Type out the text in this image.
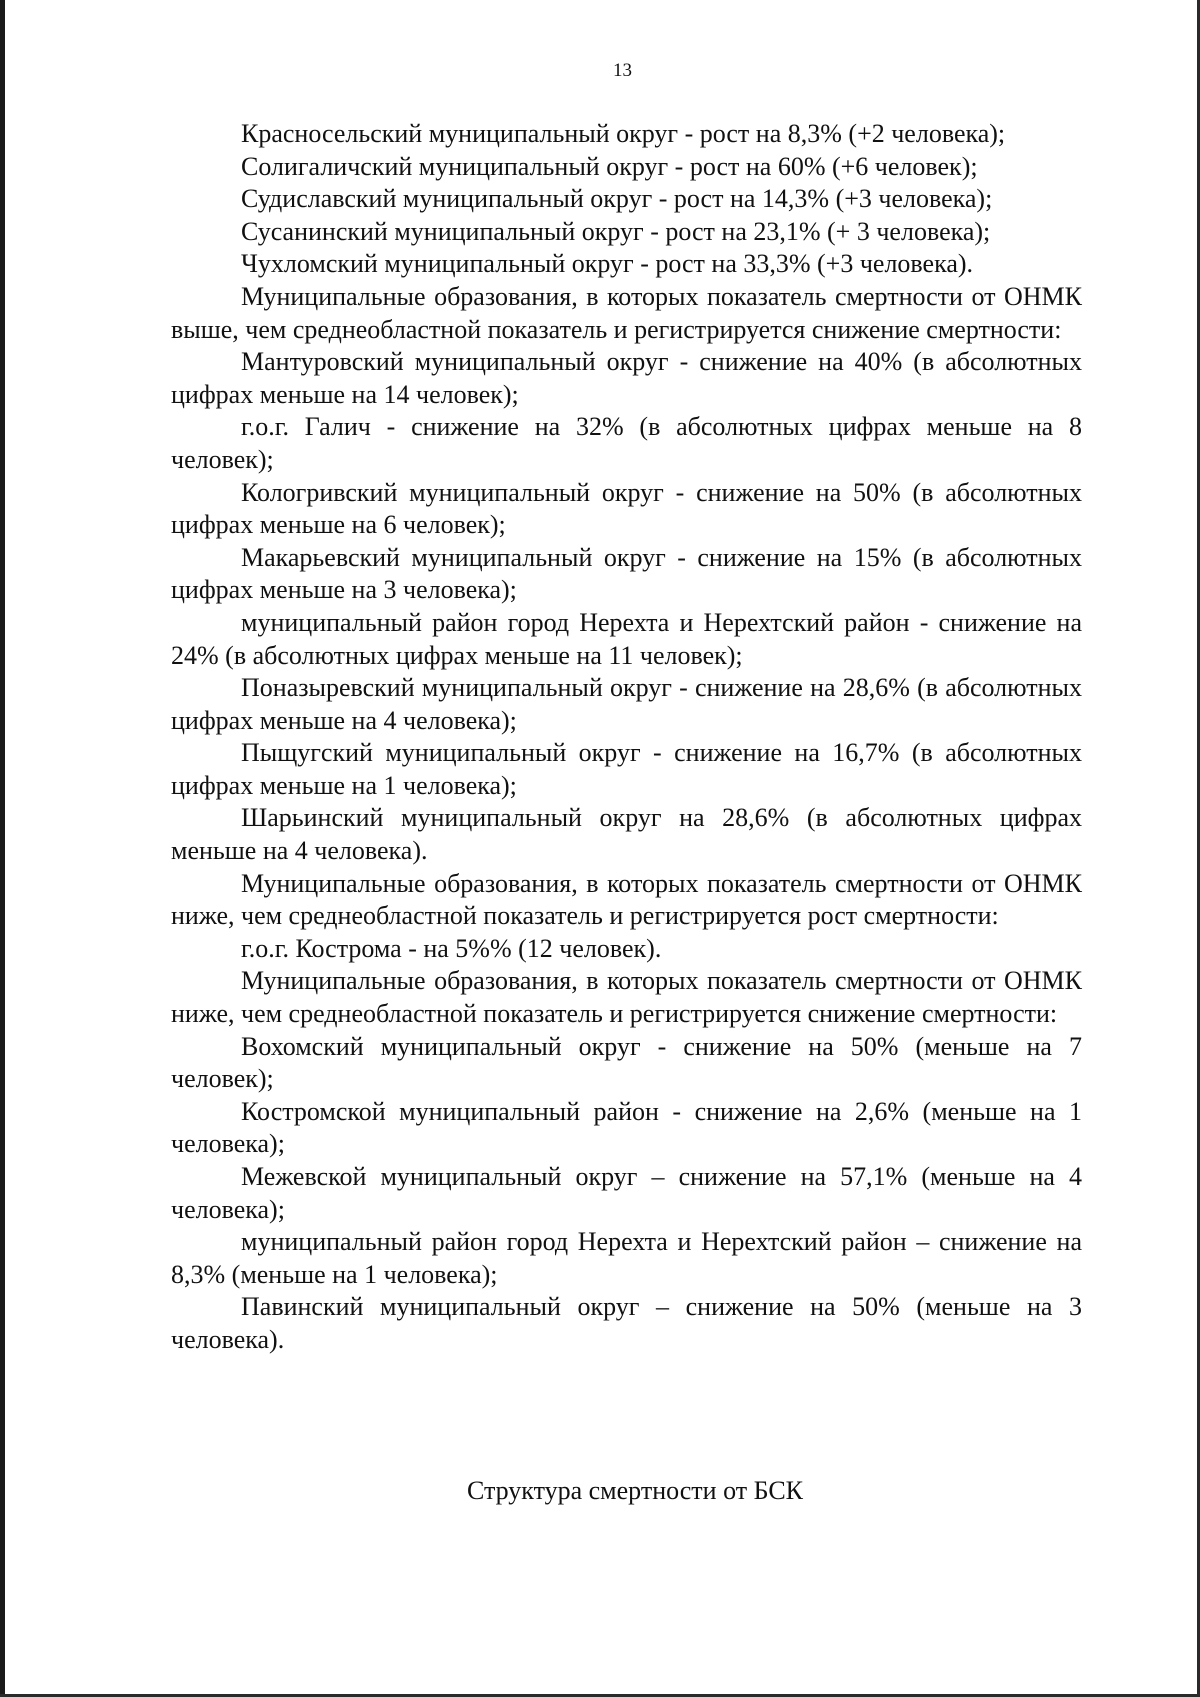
13

Красносельский муниципальный округ - рост на 8,3% (+2 человека);

Солигаличский муниципальный округ - рост на 60% (+6 человек);

Судиславский муниципальный округ - рост на 14,3% (+3 человека);

Сусанинский муниципальный округ - рост на 23,1% (+ 3 человека);

Чухломский муниципальный округ - рост на 33,3% (+3 человека).

Муниципальные образования, в которых показатель смертности от ОНМК выше, чем среднеобластной показатель и регистрируется снижение смертности:

Мантуровский муниципальный округ - снижение на 40% (в абсолютных цифрах меньше на 14 человек);

г.о.г. Галич - снижение на 32% (в абсолютных цифрах меньше на 8 человек);

Кологривский муниципальный округ - снижение на 50% (в абсолютных цифрах меньше на 6 человек);

Макарьевский муниципальный округ - снижение на 15% (в абсолютных цифрах меньше на 3 человека);

муниципальный район город Нерехта и Нерехтский район - снижение на 24% (в абсолютных цифрах меньше на 11 человек);

Поназыревский муниципальный округ - снижение на 28,6% (в абсолютных цифрах меньше на 4 человека);

Пыщугский муниципальный округ - снижение на 16,7% (в абсолютных цифрах меньше на 1 человека);

Шарьинский муниципальный округ на 28,6% (в абсолютных цифрах меньше на 4 человека).

Муниципальные образования, в которых показатель смертности от ОНМК ниже, чем среднеобластной показатель и регистрируется рост смертности:

г.о.г. Кострома - на 5%% (12 человек).

Муниципальные образования, в которых показатель смертности от ОНМК ниже, чем среднеобластной показатель и регистрируется снижение смертности:

Вохомский муниципальный округ - снижение на 50% (меньше на 7 человек);

Костромской муниципальный район - снижение на 2,6% (меньше на 1 человека);

Межевской муниципальный округ – снижение на 57,1% (меньше на 4 человека);

муниципальный район город Нерехта и Нерехтский район – снижение на 8,3% (меньше на 1 человека);

Павинский муниципальный округ – снижение на 50% (меньше на 3 человека).

Структура смертности от БСК
